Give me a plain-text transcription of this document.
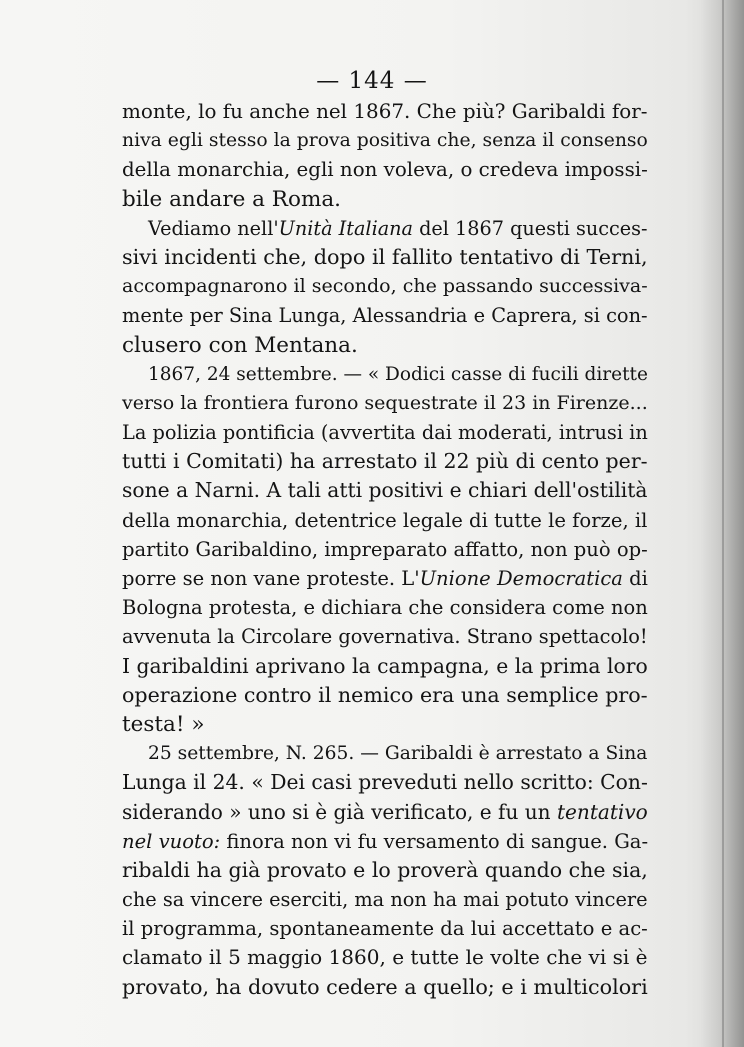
— 144 —
monte, lo fu anche nel 1867. Che più? Garibaldi for-
niva egli stesso la prova positiva che, senza il consenso
della monarchia, egli non voleva, o credeva impossi-
bile andare a Roma.
Vediamo nell'Unità Italiana del 1867 questi succes-
sivi incidenti che, dopo il fallito tentativo di Terni,
accompagnarono il secondo, che passando successiva-
mente per Sina Lunga, Alessandria e Caprera, si con-
clusero con Mentana.
1867, 24 settembre. — « Dodici casse di fucili dirette
verso la frontiera furono sequestrate il 23 in Firenze...
La polizia pontificia (avvertita dai moderati, intrusi in
tutti i Comitati) ha arrestato il 22 più di cento per-
sone a Narni. A tali atti positivi e chiari dell'ostilità
della monarchia, detentrice legale di tutte le forze, il
partito Garibaldino, impreparato affatto, non può op-
porre se non vane proteste. L'Unione Democratica di
Bologna protesta, e dichiara che considera come non
avvenuta la Circolare governativa. Strano spettacolo!
I garibaldini aprivano la campagna, e la prima loro
operazione contro il nemico era una semplice pro-
testa! »
25 settembre, N. 265. — Garibaldi è arrestato a Sina
Lunga il 24. « Dei casi preveduti nello scritto: Con-
siderando » uno si è già verificato, e fu un tentativo
nel vuoto: finora non vi fu versamento di sangue. Ga-
ribaldi ha già provato e lo proverà quando che sia,
che sa vincere eserciti, ma non ha mai potuto vincere
il programma, spontaneamente da lui accettato e ac-
clamato il 5 maggio 1860, e tutte le volte che vi si è
provato, ha dovuto cedere a quello; e i multicolori
